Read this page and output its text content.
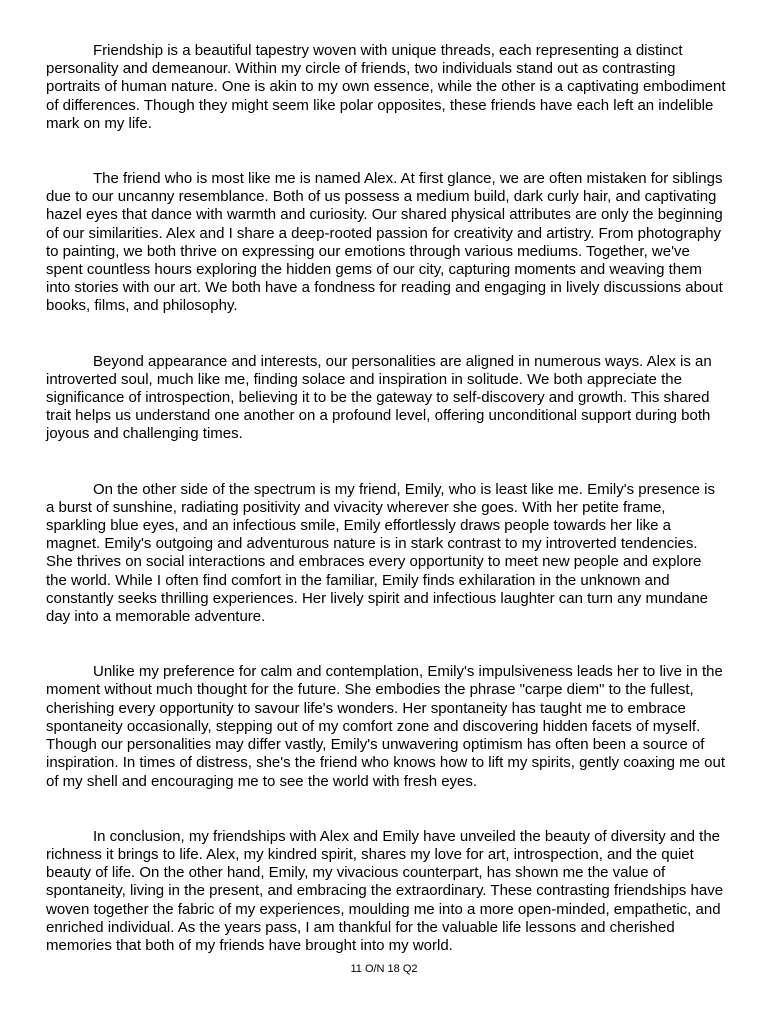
Friendship is a beautiful tapestry woven with unique threads, each representing a distinct personality and demeanour. Within my circle of friends, two individuals stand out as contrasting portraits of human nature. One is akin to my own essence, while the other is a captivating embodiment of differences. Though they might seem like polar opposites, these friends have each left an indelible mark on my life.

The friend who is most like me is named Alex. At first glance, we are often mistaken for siblings due to our uncanny resemblance. Both of us possess a medium build, dark curly hair, and captivating hazel eyes that dance with warmth and curiosity. Our shared physical attributes are only the beginning of our similarities. Alex and I share a deep-rooted passion for creativity and artistry. From photography to painting, we both thrive on expressing our emotions through various mediums. Together, we've spent countless hours exploring the hidden gems of our city, capturing moments and weaving them into stories with our art. We both have a fondness for reading and engaging in lively discussions about books, films, and philosophy.

Beyond appearance and interests, our personalities are aligned in numerous ways. Alex is an introverted soul, much like me, finding solace and inspiration in solitude. We both appreciate the significance of introspection, believing it to be the gateway to self-discovery and growth. This shared trait helps us understand one another on a profound level, offering unconditional support during both joyous and challenging times.

On the other side of the spectrum is my friend, Emily, who is least like me. Emily's presence is a burst of sunshine, radiating positivity and vivacity wherever she goes. With her petite frame, sparkling blue eyes, and an infectious smile, Emily effortlessly draws people towards her like a magnet. Emily's outgoing and adventurous nature is in stark contrast to my introverted tendencies. She thrives on social interactions and embraces every opportunity to meet new people and explore the world. While I often find comfort in the familiar, Emily finds exhilaration in the unknown and constantly seeks thrilling experiences. Her lively spirit and infectious laughter can turn any mundane day into a memorable adventure.

Unlike my preference for calm and contemplation, Emily's impulsiveness leads her to live in the moment without much thought for the future. She embodies the phrase "carpe diem" to the fullest, cherishing every opportunity to savour life's wonders. Her spontaneity has taught me to embrace spontaneity occasionally, stepping out of my comfort zone and discovering hidden facets of myself. Though our personalities may differ vastly, Emily's unwavering optimism has often been a source of inspiration. In times of distress, she's the friend who knows how to lift my spirits, gently coaxing me out of my shell and encouraging me to see the world with fresh eyes.

In conclusion, my friendships with Alex and Emily have unveiled the beauty of diversity and the richness it brings to life. Alex, my kindred spirit, shares my love for art, introspection, and the quiet beauty of life. On the other hand, Emily, my vivacious counterpart, has shown me the value of spontaneity, living in the present, and embracing the extraordinary. These contrasting friendships have woven together the fabric of my experiences, moulding me into a more open-minded, empathetic, and enriched individual. As the years pass, I am thankful for the valuable life lessons and cherished memories that both of my friends have brought into my world.

11 O/N 18 Q2
